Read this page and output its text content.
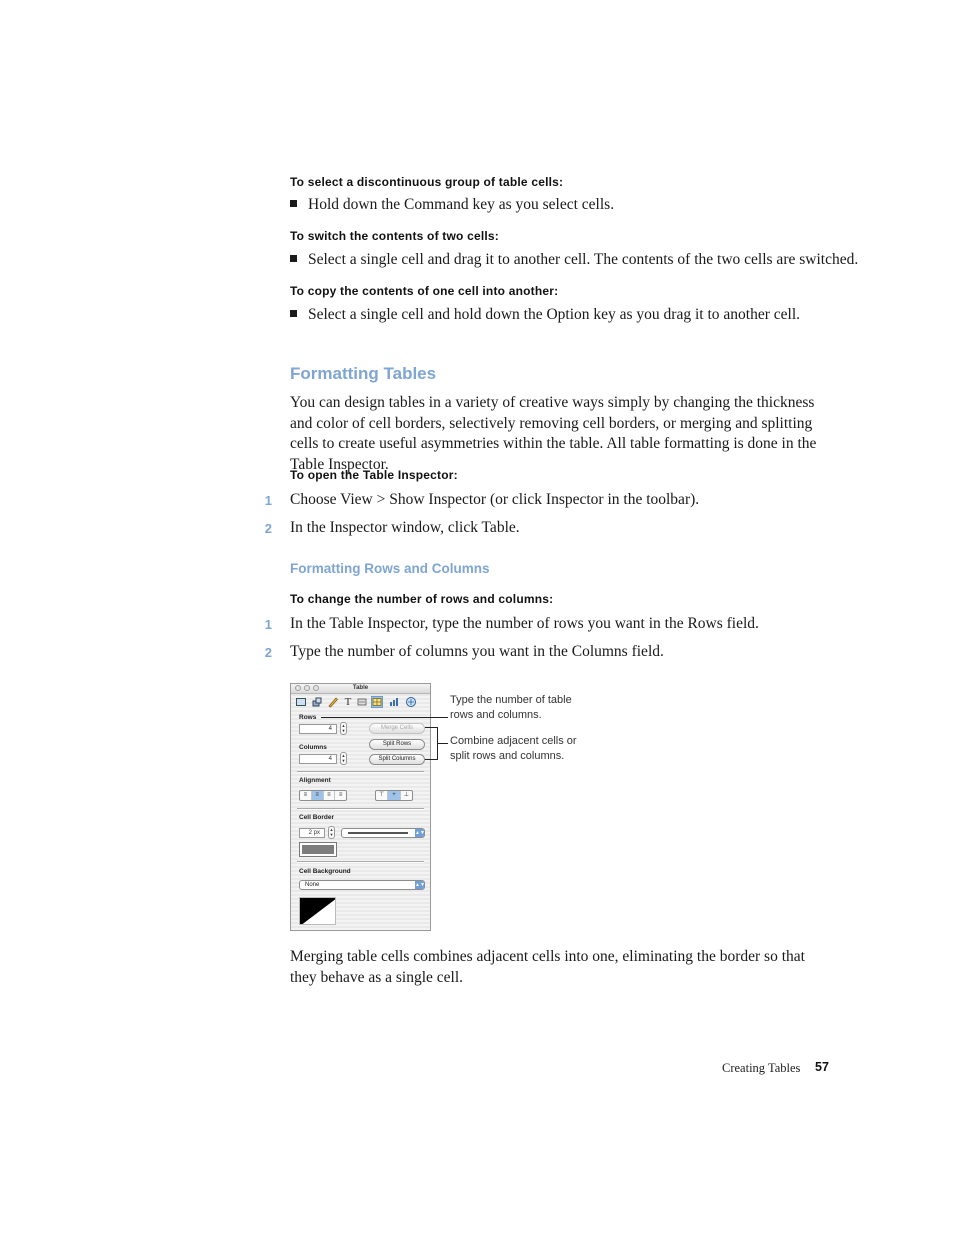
To select a discontinuous group of table cells:
Hold down the Command key as you select cells.
To switch the contents of two cells:
Select a single cell and drag it to another cell. The contents of the two cells are switched.
To copy the contents of one cell into another:
Select a single cell and hold down the Option key as you drag it to another cell.
Formatting Tables
You can design tables in a variety of creative ways simply by changing the thickness and color of cell borders, selectively removing cell borders, or merging and splitting cells to create useful asymmetries within the table. All table formatting is done in the Table Inspector.
To open the Table Inspector:
1 Choose View > Show Inspector (or click Inspector in the toolbar).
2 In the Inspector window, click Table.
Formatting Rows and Columns
To change the number of rows and columns:
1 In the Table Inspector, type the number of rows you want in the Rows field.
2 Type the number of columns you want in the Columns field.
Table
T
Rows
4
▲
▼	Merge Cells
Columns	Split Rows
4
▲
▼	Split Columns
Alignment
≡	≡	≡	≡	⊤	+	⊥
Cell Border
2 px
▲
▼	▲▼
Cell Background
None	▲▼
Type the number of table
rows and columns.
Combine adjacent cells or
split rows and columns.
Merging table cells combines adjacent cells into one, eliminating the border so that they behave as a single cell.
Creating Tables 57
